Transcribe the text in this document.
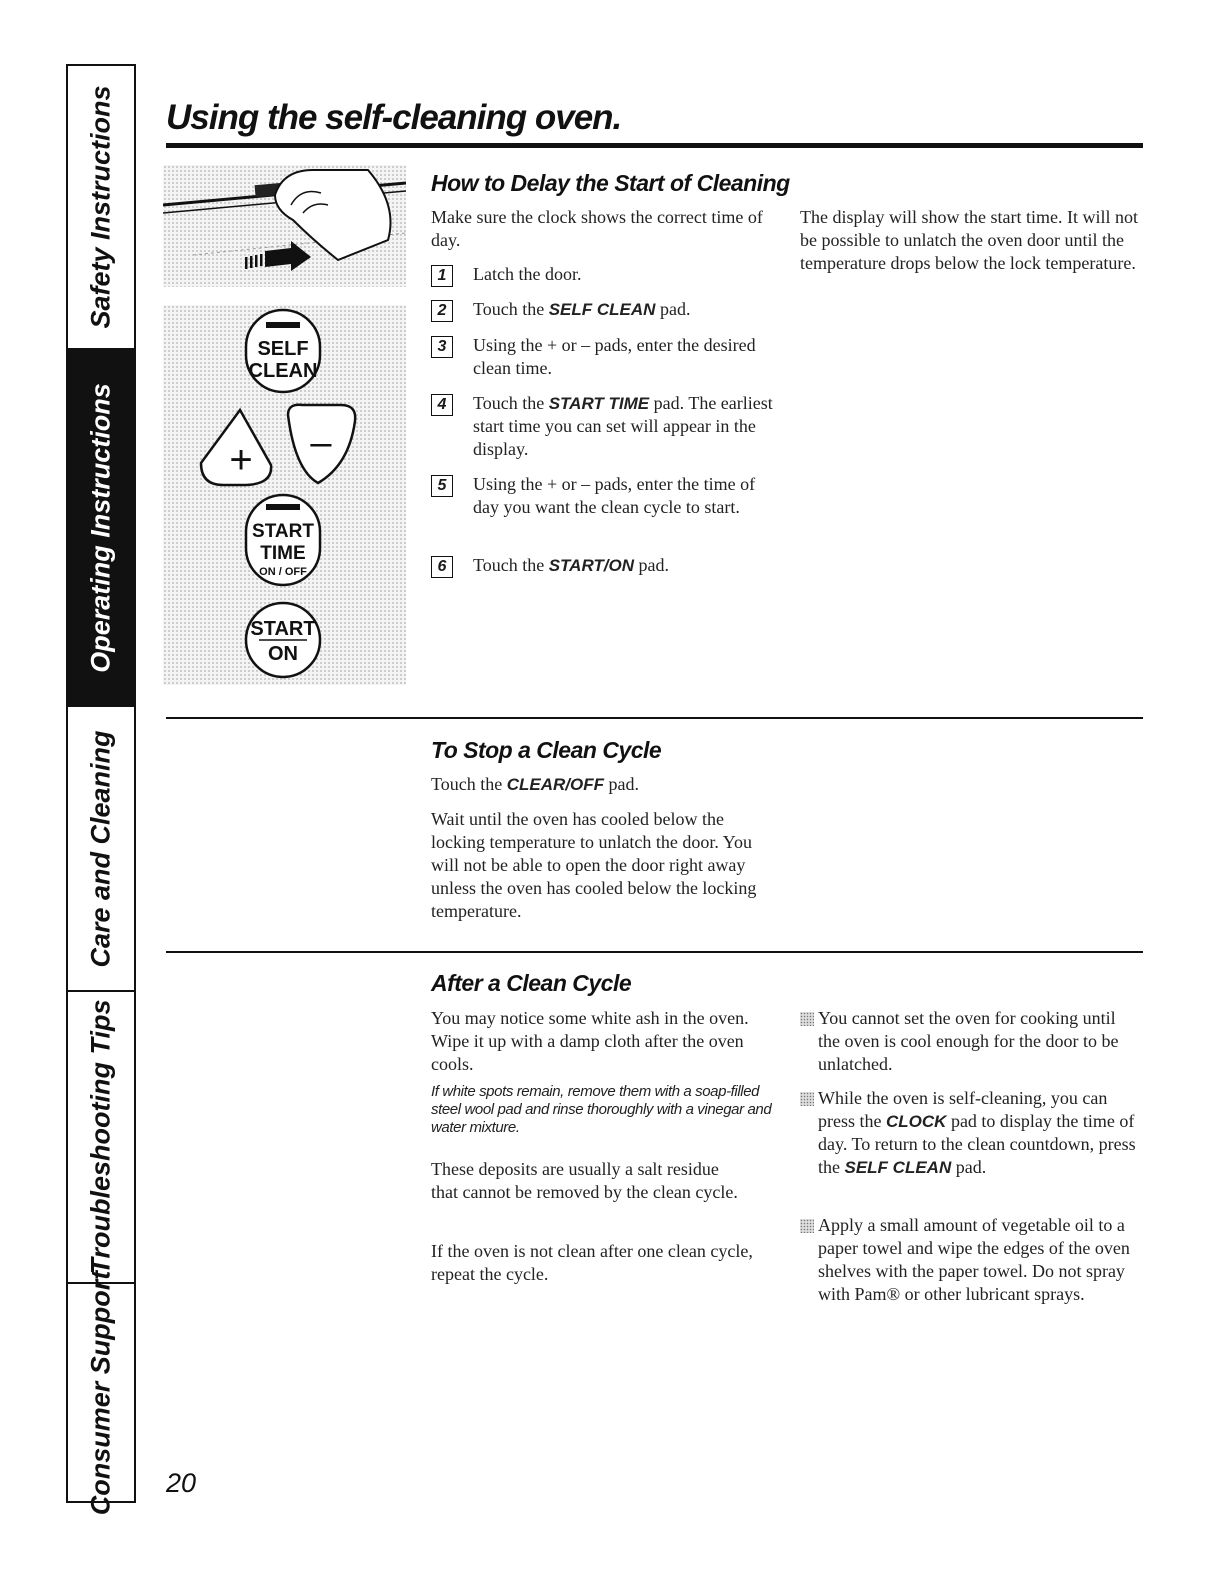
Safety Instructions
Operating Instructions
Care and Cleaning
Troubleshooting Tips
Consumer Support
Using the self-cleaning oven.
SELF
CLEAN
+ –
START
TIME
ON / OFF
START
ON
How to Delay the Start of Cleaning

Make sure the clock shows the correct time of day.

1	Latch the door.
2	Touch the SELF CLEAN pad.
3	Using the + or – pads, enter the desired clean time.
4	Touch the START TIME pad. The earliest start time you can set will appear in the display.
5	Using the + or – pads, enter the time of day you want the clean cycle to start.
6	Touch the START/ON pad.

The display will show the start time. It will not be possible to unlatch the oven door until the temperature drops below the lock temperature.

To Stop a Clean Cycle

Touch the CLEAR/OFF pad.

Wait until the oven has cooled below the locking temperature to unlatch the door. You will not be able to open the door right away unless the oven has cooled below the locking temperature.

After a Clean Cycle

You may notice some white ash in the oven. Wipe it up with a damp cloth after the oven cools.

If white spots remain, remove them with a soap-filled steel wool pad and rinse thoroughly with a vinegar and water mixture.

These deposits are usually a salt residue that cannot be removed by the clean cycle.

If the oven is not clean after one clean cycle, repeat the cycle.

You cannot set the oven for cooking until the oven is cool enough for the door to be unlatched.
While the oven is self-cleaning, you can press the CLOCK pad to display the time of day. To return to the clean countdown, press the SELF CLEAN pad.
Apply a small amount of vegetable oil to a paper towel and wipe the edges of the oven shelves with the paper towel. Do not spray with Pam® or other lubricant sprays.

20
